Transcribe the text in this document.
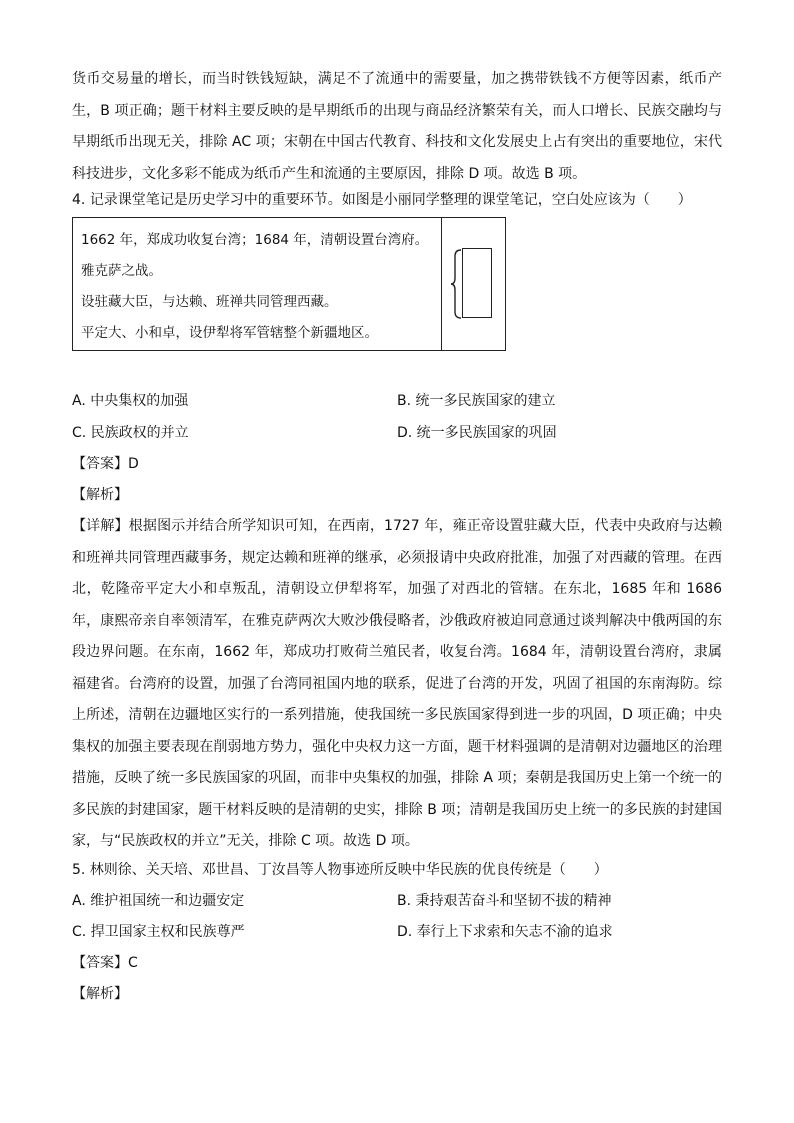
货币交易量的增长，而当时铁钱短缺，满足不了流通中的需要量，加之携带铁钱不方便等因素，纸币产生，B 项正确；题干材料主要反映的是早期纸币的出现与商品经济繁荣有关，而人口增长、民族交融均与早期纸币出现无关，排除 AC 项；宋朝在中国古代教育、科技和文化发展史上占有突出的重要地位，宋代科技进步，文化多彩不能成为纸币产生和流通的主要原因，排除 D 项。故选 B 项。

4. 记录课堂笔记是历史学习中的重要环节。如图是小丽同学整理的课堂笔记，空白处应该为（　　）

1662 年，郑成功收复台湾；1684 年，清朝设置台湾府。
雅克萨之战。
设驻藏大臣，与达赖、班禅共同管理西藏。
平定大、小和卓，设伊犁将军管辖整个新疆地区。
A. 中央集权的加强	B. 统一多民族国家的建立
C. 民族政权的并立	D. 统一多民族国家的巩固
【答案】D
【解析】

【详解】根据图示并结合所学知识可知，在西南，1727 年，雍正帝设置驻藏大臣，代表中央政府与达赖和班禅共同管理西藏事务，规定达赖和班禅的继承，必须报请中央政府批准，加强了对西藏的管理。在西北，乾隆帝平定大小和卓叛乱，清朝设立伊犁将军，加强了对西北的管辖。在东北，1685 年和 1686 年，康熙帝亲自率领清军，在雅克萨两次大败沙俄侵略者，沙俄政府被迫同意通过谈判解决中俄两国的东段边界问题。在东南，1662 年，郑成功打败荷兰殖民者，收复台湾。1684 年，清朝设置台湾府，隶属福建省。台湾府的设置，加强了台湾同祖国内地的联系，促进了台湾的开发，巩固了祖国的东南海防。综上所述，清朝在边疆地区实行的一系列措施，使我国统一多民族国家得到进一步的巩固，D 项正确；中央集权的加强主要表现在削弱地方势力，强化中央权力这一方面，题干材料强调的是清朝对边疆地区的治理措施，反映了统一多民族国家的巩固，而非中央集权的加强，排除 A 项；秦朝是我国历史上第一个统一的多民族的封建国家，题干材料反映的是清朝的史实，排除 B 项；清朝是我国历史上统一的多民族的封建国家，与“民族政权的并立”无关，排除 C 项。故选 D 项。

5. 林则徐、关天培、邓世昌、丁汝昌等人物事迹所反映中华民族的优良传统是（　　）

A. 维护祖国统一和边疆安定	B. 秉持艰苦奋斗和坚韧不拔的精神
C. 捍卫国家主权和民族尊严	D. 奉行上下求索和矢志不渝的追求
【答案】C
【解析】
